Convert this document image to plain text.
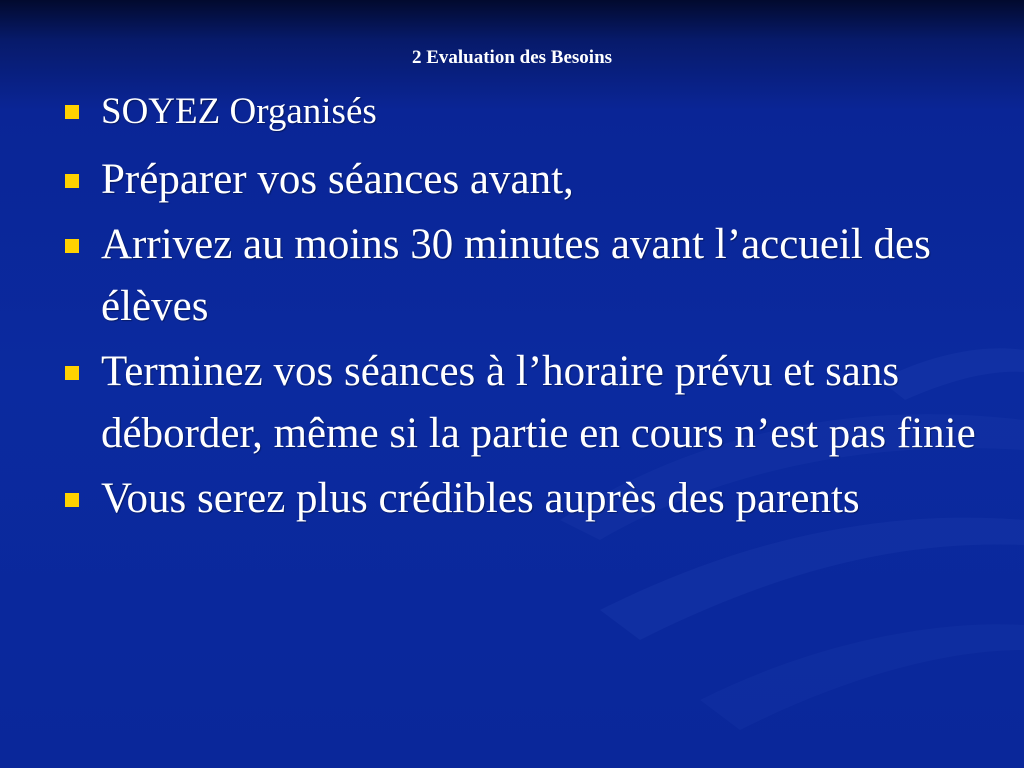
2 Evaluation des Besoins
SOYEZ Organisés
Préparer vos séances avant,
Arrivez au moins 30 minutes avant l’accueil des élèves
Terminez vos séances à l’horaire prévu et sans déborder, même si la partie en cours n’est pas finie
Vous serez plus crédibles auprès des parents
